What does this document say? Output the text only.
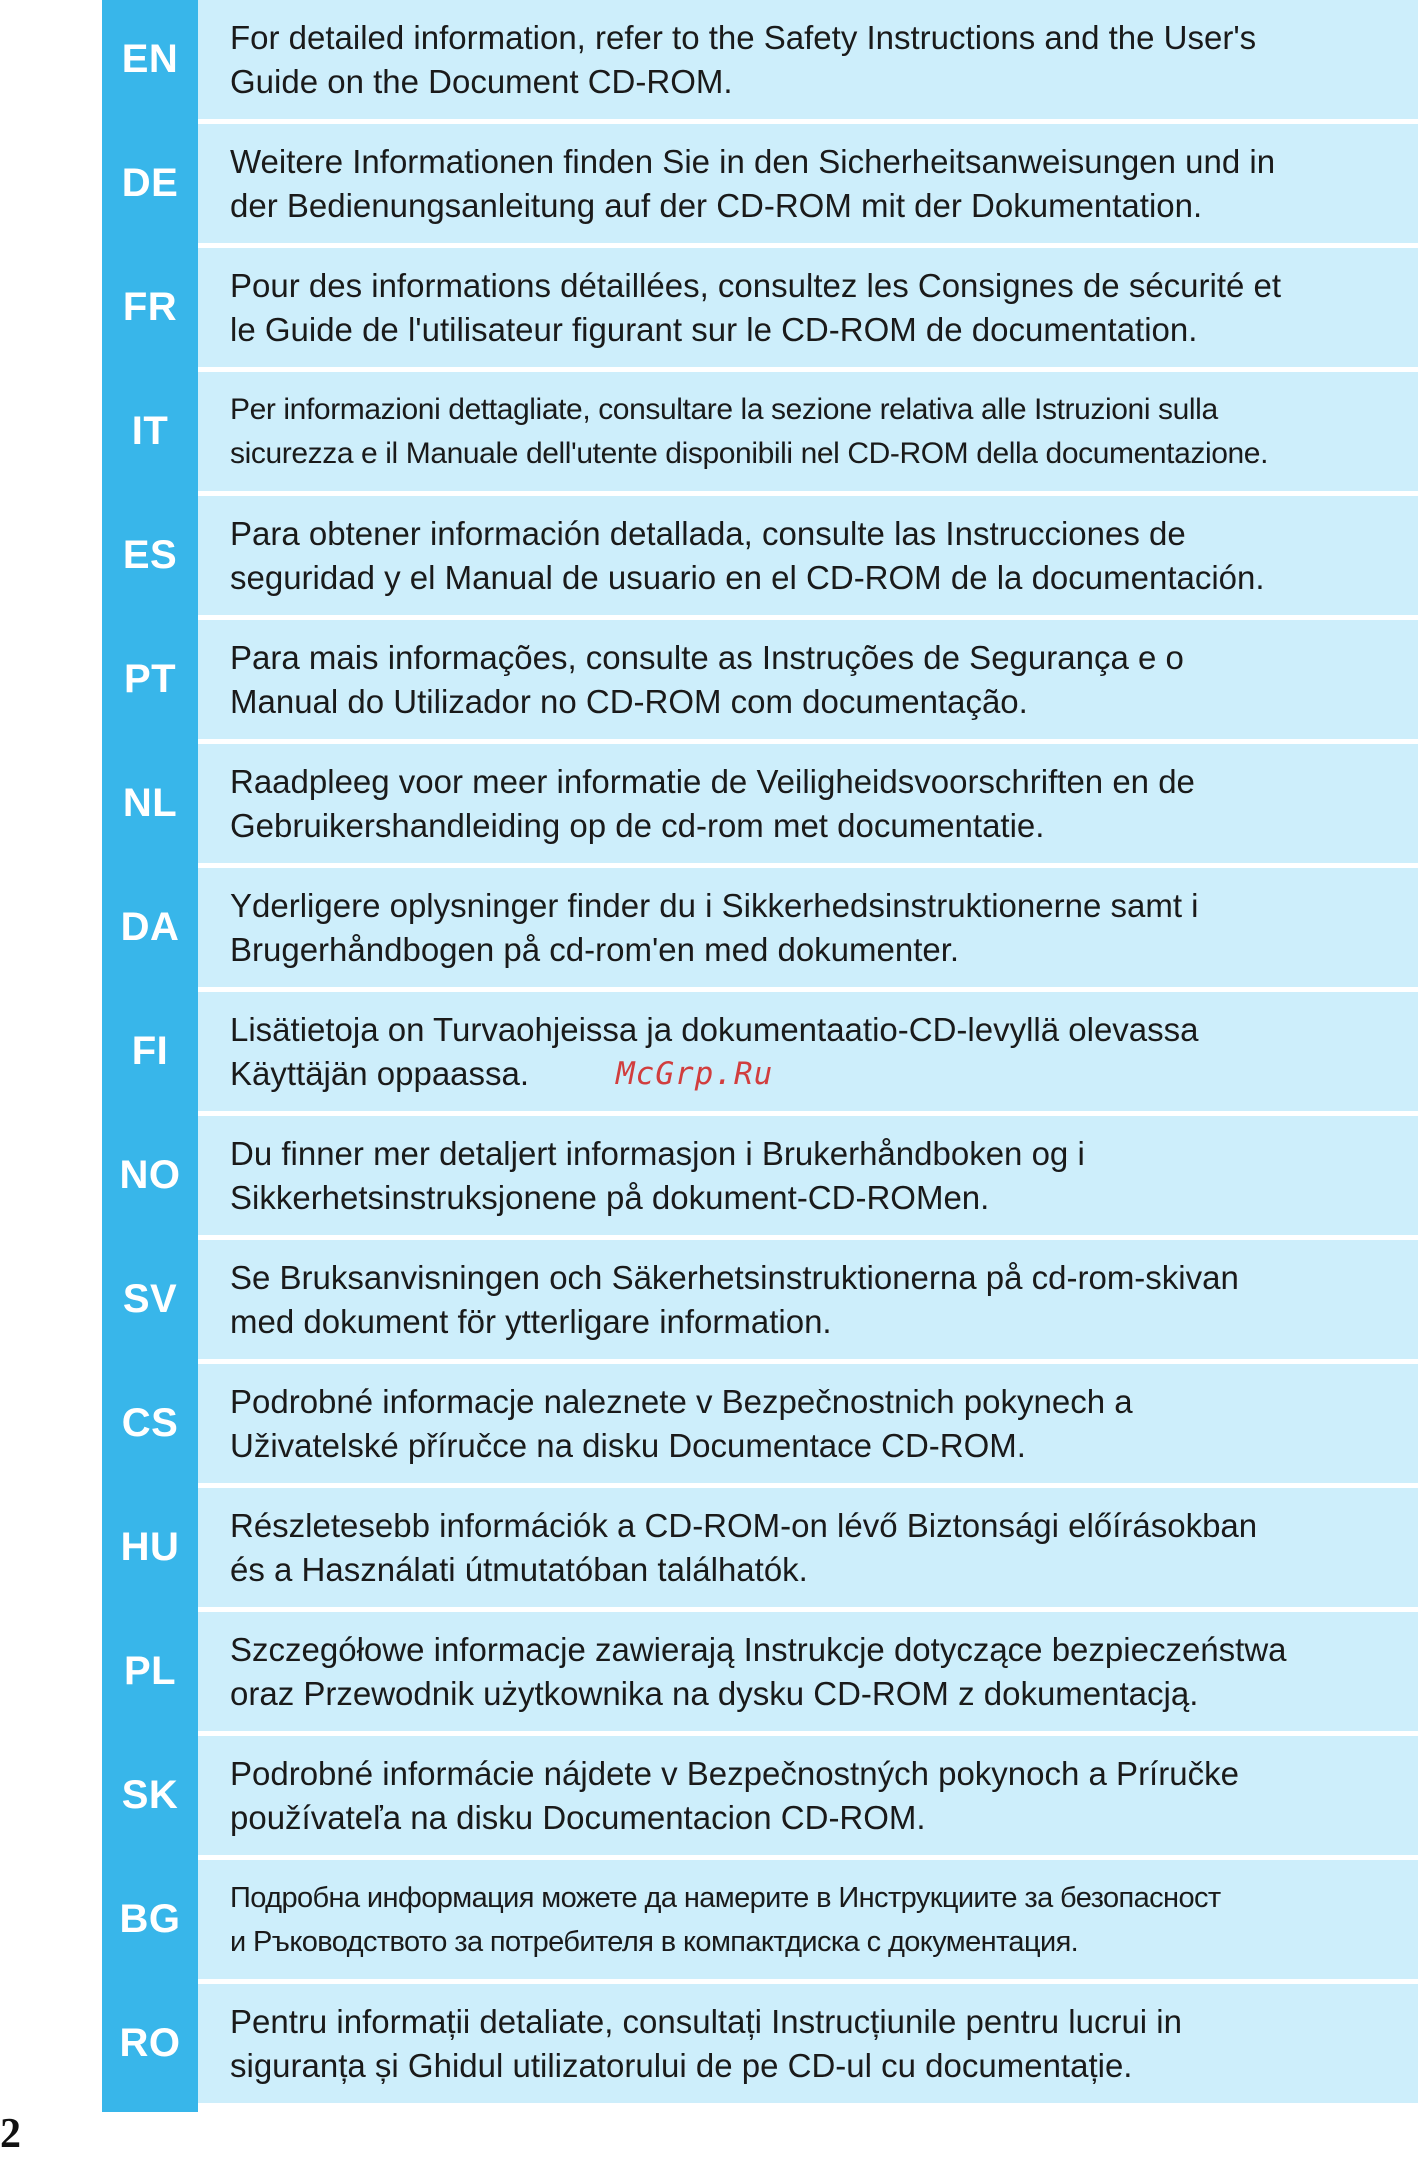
EN	For detailed information, refer to the Safety Instructions and the User's
Guide on the Document CD-ROM.
DE	Weitere Informationen finden Sie in den Sicherheitsanweisungen und in
der Bedienungsanleitung auf der CD-ROM mit der Dokumentation.
FR	Pour des informations détaillées, consultez les Consignes de sécurité et
le Guide de l'utilisateur figurant sur le CD-ROM de documentation.
IT	Per informazioni dettagliate, consultare la sezione relativa alle Istruzioni sulla
sicurezza e il Manuale dell'utente disponibili nel CD-ROM della documentazione.
ES	Para obtener información detallada, consulte las Instrucciones de
seguridad y el Manual de usuario en el CD-ROM de la documentación.
PT	Para mais informações, consulte as Instruções de Segurança e o
Manual do Utilizador no CD-ROM com documentação.
NL	Raadpleeg voor meer informatie de Veiligheidsvoorschriften en de
Gebruikershandleiding op de cd-rom met documentatie.
DA	Yderligere oplysninger finder du i Sikkerhedsinstruktionerne samt i
Brugerhåndbogen på cd-rom'en med dokumenter.
FI	Lisätietoja on Turvaohjeissa ja dokumentaatio-CD-levyllä olevassa
Käyttäjän oppaassa.
NO	Du finner mer detaljert informasjon i Brukerhåndboken og i
Sikkerhetsinstruksjonene på dokument-CD-ROMen.
SV	Se Bruksanvisningen och Säkerhetsinstruktionerna på cd-rom-skivan
med dokument för ytterligare information.
CS	Podrobné informacje naleznete v Bezpečnostnich pokynech a
Uživatelské příručce na disku Documentace CD-ROM.
HU	Részletesebb információk a CD-ROM-on lévő Biztonsági előírásokban
és a Használati útmutatóban találhatók.
PL	Szczegółowe informacje zawierają Instrukcje dotyczące bezpieczeństwa
oraz Przewodnik użytkownika na dysku CD-ROM z dokumentacją.
SK	Podrobné informácie nájdete v Bezpečnostných pokynoch a Príručke
používateľa na disku Documentacion CD-ROM.
BG	Подробна информация можете да намерите в Инструкциите за безопасност
и Ръководството за потребителя в компактдиска с документация.
RO	Pentru informații detaliate, consultați Instrucțiunile pentru lucrui in
siguranța și Ghidul utilizatorului de pe CD-ul cu documentație.
McGrp.Ru
2
